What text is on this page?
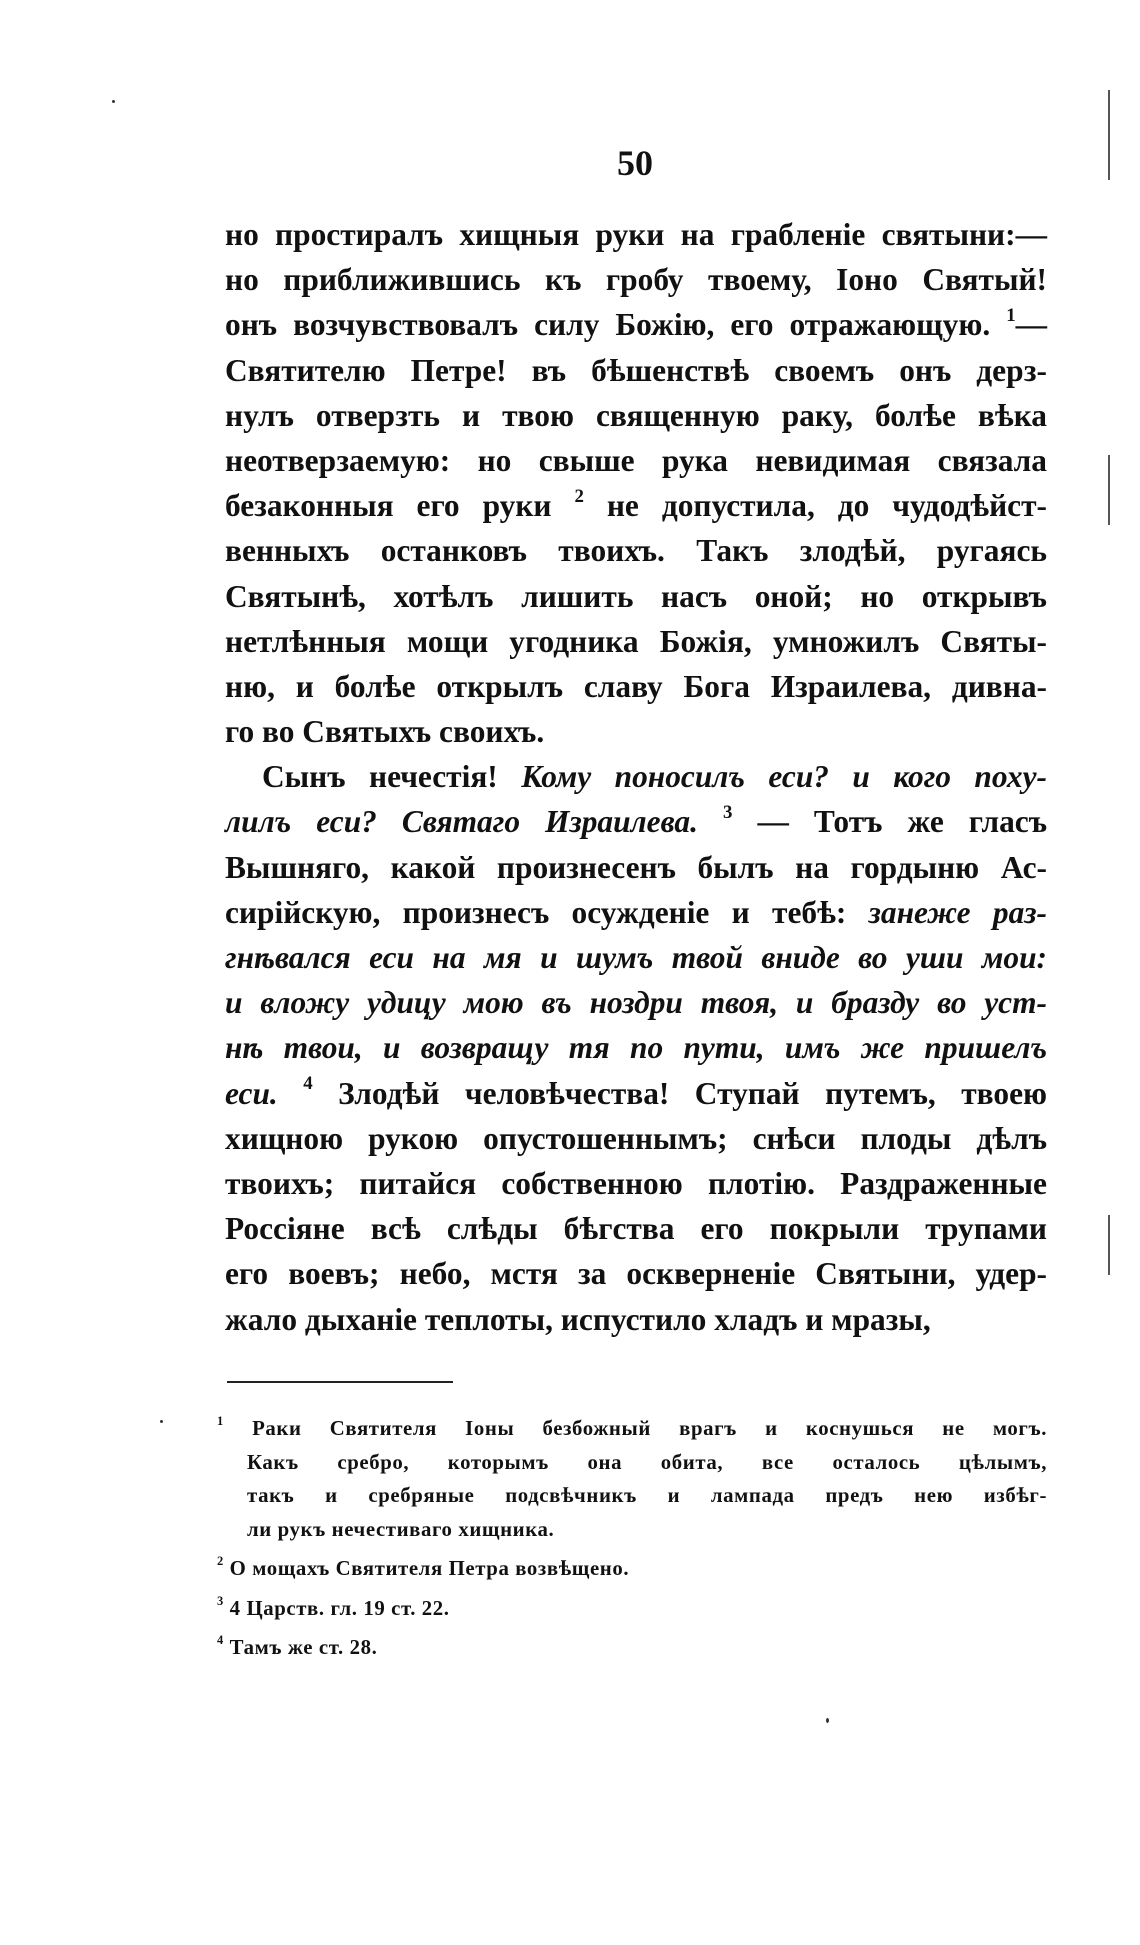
50
но простиралъ хищныя руки на грабленіе святыни:—
но приближившись къ гробу твоему, Іоно Святый!
онъ возчувствовалъ силу Божію, его отражающую. $^1$—
Святителю Петре! въ бѣшенствѣ своемъ онъ дерз-
нулъ отверзть и твою священную раку, болѣе вѣка
неотверзаемую: но свыше рука невидимая связала
безаконныя его руки $^2$ не допустила, до чудодѣйст-
венныхъ останковъ твоихъ. Такъ злодѣй, ругаясь
Святынѣ, хотѣлъ лишить насъ оной; но открывъ
нетлѣнныя мощи угодника Божія, умножилъ Святы-
ню, и болѣе открылъ славу Бога Израилева, дивна-
го во Святыхъ своихъ.
Сынъ нечестія! Кому поносилъ еси? и кого поху-
лилъ еси? Святаго Израилева. $^3$ — Тотъ же гласъ
Вышняго, какой произнесенъ былъ на гордыню Ас-
сирійскую, произнесъ осужденіе и тебѣ: занеже раз-
гнѣвался еси на мя и шумъ твой вниде во уши мои:
и вложу удицу мою въ ноздри твоя, и бразду во уст-
нѣ твои, и возвращу тя по пути, имъ же пришелъ
еси. $^4$ Злодѣй человѣчества! Ступай путемъ, твоею
хищною рукою опустошеннымъ; снѣси плоды дѣлъ
твоихъ; питайся собственною плотію. Раздраженные
Россіяне всѣ слѣды бѣгства его покрыли трупами
его воевъ; небо, мстя за оскверненіе Святыни, удер-
жало дыханіе теплоты, испустило хладъ и мразы,
$^1$ Раки Святителя Іоны безбожный врагъ и коснушься не могъ.
Какъ сребро, которымъ она обита, все осталось цѣлымъ,
такъ и сребряные подсвѣчникъ и лампада предъ нею избѣг-
ли рукъ нечестиваго хищника.
$^2$ О мощахъ Святителя Петра возвѣщено.
$^3$ 4 Царств. гл. 19 ст. 22.
$^4$ Тамъ же ст. 28.
